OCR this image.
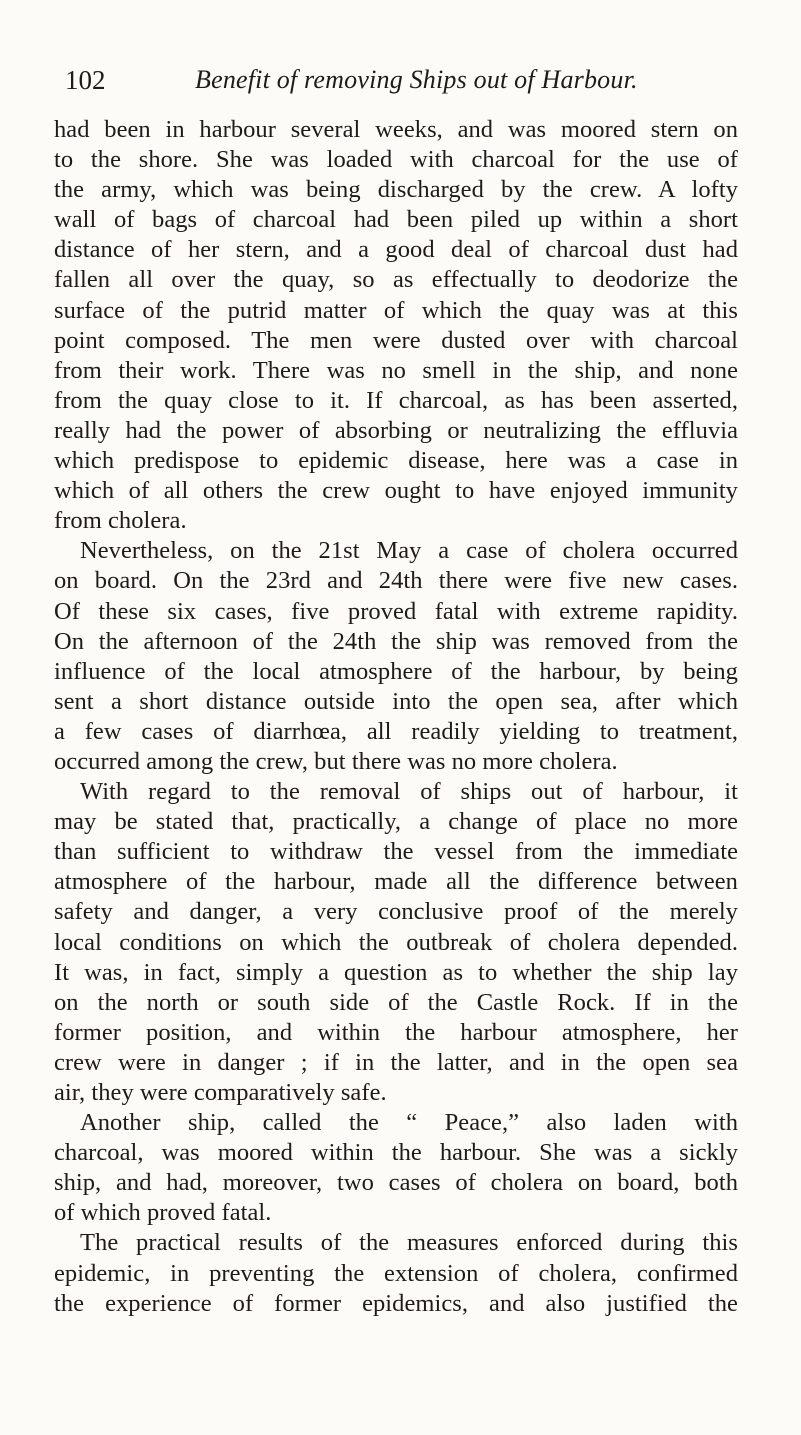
102	Benefit of removing Ships out of Harbour.
had been in harbour several weeks, and was moored stern on
to the shore. She was loaded with charcoal for the use of
the army, which was being discharged by the crew. A lofty
wall of bags of charcoal had been piled up within a short
distance of her stern, and a good deal of charcoal dust had
fallen all over the quay, so as effectually to deodorize the
surface of the putrid matter of which the quay was at this
point composed. The men were dusted over with charcoal
from their work. There was no smell in the ship, and none
from the quay close to it. If charcoal, as has been asserted,
really had the power of absorbing or neutralizing the effluvia
which predispose to epidemic disease, here was a case in
which of all others the crew ought to have enjoyed immunity
from cholera.
Nevertheless, on the 21st May a case of cholera occurred
on board. On the 23rd and 24th there were five new cases.
Of these six cases, five proved fatal with extreme rapidity.
On the afternoon of the 24th the ship was removed from the
influence of the local atmosphere of the harbour, by being
sent a short distance outside into the open sea, after which
a few cases of diarrhœa, all readily yielding to treatment,
occurred among the crew, but there was no more cholera.
With regard to the removal of ships out of harbour, it
may be stated that, practically, a change of place no more
than sufficient to withdraw the vessel from the immediate
atmosphere of the harbour, made all the difference between
safety and danger, a very conclusive proof of the merely
local conditions on which the outbreak of cholera depended.
It was, in fact, simply a question as to whether the ship lay
on the north or south side of the Castle Rock. If in the
former position, and within the harbour atmosphere, her
crew were in danger ; if in the latter, and in the open sea
air, they were comparatively safe.
Another ship, called the “ Peace,” also laden with
charcoal, was moored within the harbour. She was a sickly
ship, and had, moreover, two cases of cholera on board, both
of which proved fatal.
The practical results of the measures enforced during this
epidemic, in preventing the extension of cholera, confirmed
the experience of former epidemics, and also justified the
